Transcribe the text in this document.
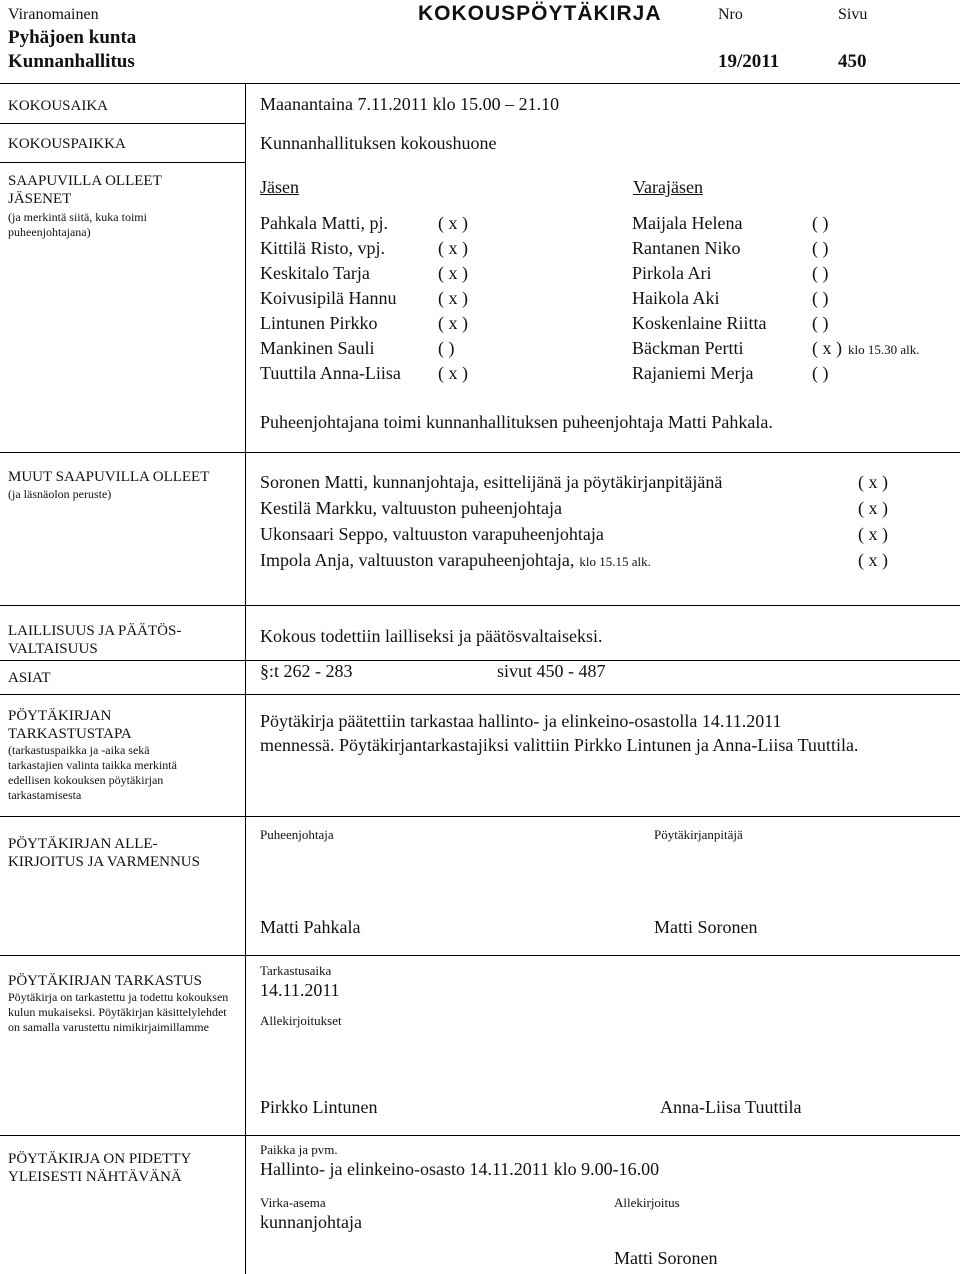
Viranomainen	KOKOUSPÖYTÄKIRJA	Nro	Sivu
Pyhäjoen kunta
Kunnanhallitus	19/2011	450
KOKOUSAIKA	Maanantaina 7.11.2011 klo 15.00 – 21.10
KOKOUSPAIKKA	Kunnanhallituksen kokoushuone
SAAPUVILLA OLLEET JÄSENET
(ja merkintä siitä, kuka toimi puheenjohtajana)
Jäsen	Varajäsen
Pahkala Matti, pj.	( x )	Maijala Helena	( )
Kittilä Risto, vpj.	( x )	Rantanen Niko	( )
Keskitalo Tarja	( x )	Pirkola Ari	( )
Koivusipilä Hannu ( x )	Haikola Aki	( )
Lintunen Pirkko	( x )	Koskenlaine Riitta	( )
Mankinen Sauli	( )	Bäckman Pertti	( x ) klo 15.30 alk.
Tuuttila Anna-Liisa ( x )	Rajaniemi Merja	( )
Puheenjohtajana toimi kunnanhallituksen puheenjohtaja Matti Pahkala.
MUUT SAAPUVILLA OLLEET
(ja läsnäolon peruste)
Soronen Matti, kunnanjohtaja, esittelijänä ja pöytäkirjanpitäjänä	( x )
Kestilä Markku, valtuuston puheenjohtaja	( x )
Ukonsaari Seppo, valtuuston varapuheenjohtaja	( x )
Impola Anja, valtuuston varapuheenjohtaja, klo 15.15 alk.	( x )
LAILLISUUS JA PÄÄTÖS-VALTAISUUS
Kokous todettiin lailliseksi ja päätösvaltaiseksi.
ASIAT	§:t 262 - 283	sivut 450 - 487
PÖYTÄKIRJAN TARKASTUSTAPA
(tarkastuspaikka ja -aika sekä tarkastajien valinta taikka merkintä edellisen kokouksen pöytäkirjan tarkastamisesta
Pöytäkirja päätettiin tarkastaa hallinto- ja elinkeino-osastolla 14.11.2011
mennessä. Pöytäkirjantarkastajiksi valittiin Pirkko Lintunen ja Anna-Liisa Tuuttila.
PÖYTÄKIRJAN ALLE-KIRJOITUS JA VARMENNUS
Puheenjohtaja	Pöytäkirjanpitäjä
Matti Pahkala	Matti Soronen
PÖYTÄKIRJAN TARKASTUS
Pöytäkirja on tarkastettu ja todettu kokouksen kulun mukaiseksi. Pöytäkirjan käsittelylehdet on samalla varustettu nimikirjaimillamme
Tarkastusaika
14.11.2011
Allekirjoitukset
Pirkko Lintunen	Anna-Liisa Tuuttila
PÖYTÄKIRJA ON PIDETTY YLEISESTI NÄHTÄVÄNÄ
Paikka ja pvm.
Hallinto- ja elinkeino-osasto 14.11.2011 klo 9.00-16.00
Virka-asema	Allekirjoitus
kunnanjohtaja
Matti Soronen
